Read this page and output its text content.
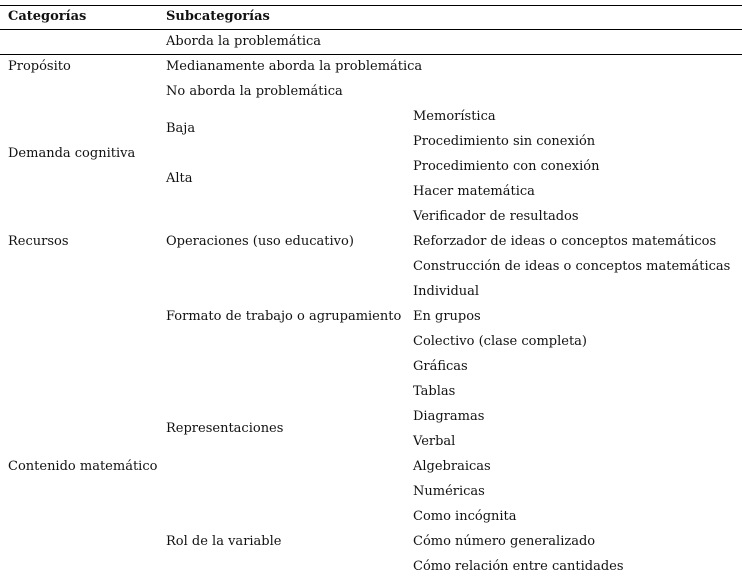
Categorías	Subcategorías
Propósito
Demanda cognitiva
Recursos
Contenido matemático
Aborda la problemática
Medianamente aborda la problemática
No aborda la problemática
Baja
Alta
Operaciones (uso educativo)
Formato de trabajo o agrupamiento
Representaciones
Rol de la variable
Memorística
Procedimiento sin conexión
Procedimiento con conexión
Hacer matemática
Verificador de resultados
Reforzador de ideas o conceptos matemáticos
Construcción de ideas o conceptos matemáticas
Individual
En grupos
Colectivo (clase completa)
Gráficas
Tablas
Diagramas
Verbal
Algebraicas
Numéricas
Como incógnita
Cómo número generalizado
Cómo relación entre cantidades
